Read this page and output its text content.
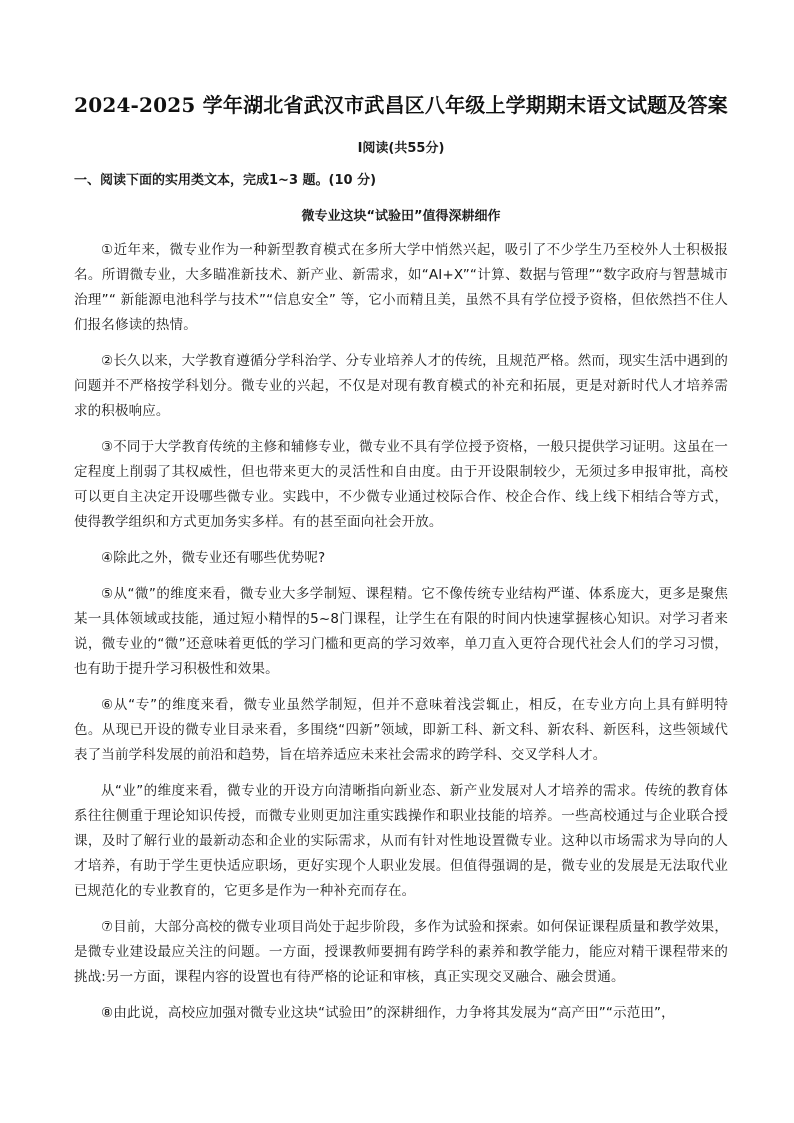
2024-2025 学年湖北省武汉市武昌区八年级上学期期末语文试题及答案
Ⅰ阅读(共55分)
一、阅读下面的实用类文本，完成1~3 题。(10 分)
微专业这块“试验田”值得深耕细作

①近年来，微专业作为一种新型教育模式在多所大学中悄然兴起，吸引了不少学生乃至校外人士积极报名。所谓微专业，大多瞄准新技术、新产业、新需求，如“AI+X”“计算、数据与管理”“数字政府与智慧城市治理”“ 新能源电池科学与技术”“信息安全” 等，它小而精且美，虽然不具有学位授予资格，但依然挡不住人们报名修读的热情。

②长久以来，大学教育遵循分学科治学、分专业培养人才的传统，且规范严格。然而，现实生活中遇到的问题并不严格按学科划分。微专业的兴起，不仅是对现有教育模式的补充和拓展，更是对新时代人才培养需求的积极响应。

③不同于大学教育传统的主修和辅修专业，微专业不具有学位授予资格，一般只提供学习证明。这虽在一定程度上削弱了其权威性，但也带来更大的灵活性和自由度。由于开设限制较少，无须过多申报审批，高校可以更自主决定开设哪些微专业。实践中，不少微专业通过校际合作、校企合作、线上线下相结合等方式，使得教学组织和方式更加务实多样。有的甚至面向社会开放。

④除此之外，微专业还有哪些优势呢?

⑤从“微”的维度来看，微专业大多学制短、课程精。它不像传统专业结构严谨、体系庞大，更多是聚焦某一具体领域或技能，通过短小精悍的5~8门课程，让学生在有限的时间内快速掌握核心知识。对学习者来说，微专业的“微”还意味着更低的学习门槛和更高的学习效率，单刀直入更符合现代社会人们的学习习惯，也有助于提升学习积极性和效果。

⑥从“专”的维度来看，微专业虽然学制短，但并不意味着浅尝辄止，相反，在专业方向上具有鲜明特色。从现已开设的微专业目录来看，多围绕“四新”领域，即新工科、新文科、新农科、新医科，这些领域代表了当前学科发展的前沿和趋势，旨在培养适应未来社会需求的跨学科、交叉学科人才。

从“业”的维度来看，微专业的开设方向清晰指向新业态、新产业发展对人才培养的需求。传统的教育体系往往侧重于理论知识传授，而微专业则更加注重实践操作和职业技能的培养。一些高校通过与企业联合授课，及时了解行业的最新动态和企业的实际需求，从而有针对性地设置微专业。这种以市场需求为导向的人才培养，有助于学生更快适应职场，更好实现个人职业发展。但值得强调的是，微专业的发展是无法取代业已规范化的专业教育的，它更多是作为一种补充而存在。

⑦目前，大部分高校的微专业项目尚处于起步阶段，多作为试验和探索。如何保证课程质量和教学效果，是微专业建设最应关注的问题。一方面，授课教师要拥有跨学科的素养和教学能力，能应对精干课程带来的挑战:另一方面，课程内容的设置也有待严格的论证和审核，真正实现交叉融合、融会贯通。

⑧由此说，高校应加强对微专业这块“试验田”的深耕细作，力争将其发展为“高产田”“示范田”，
